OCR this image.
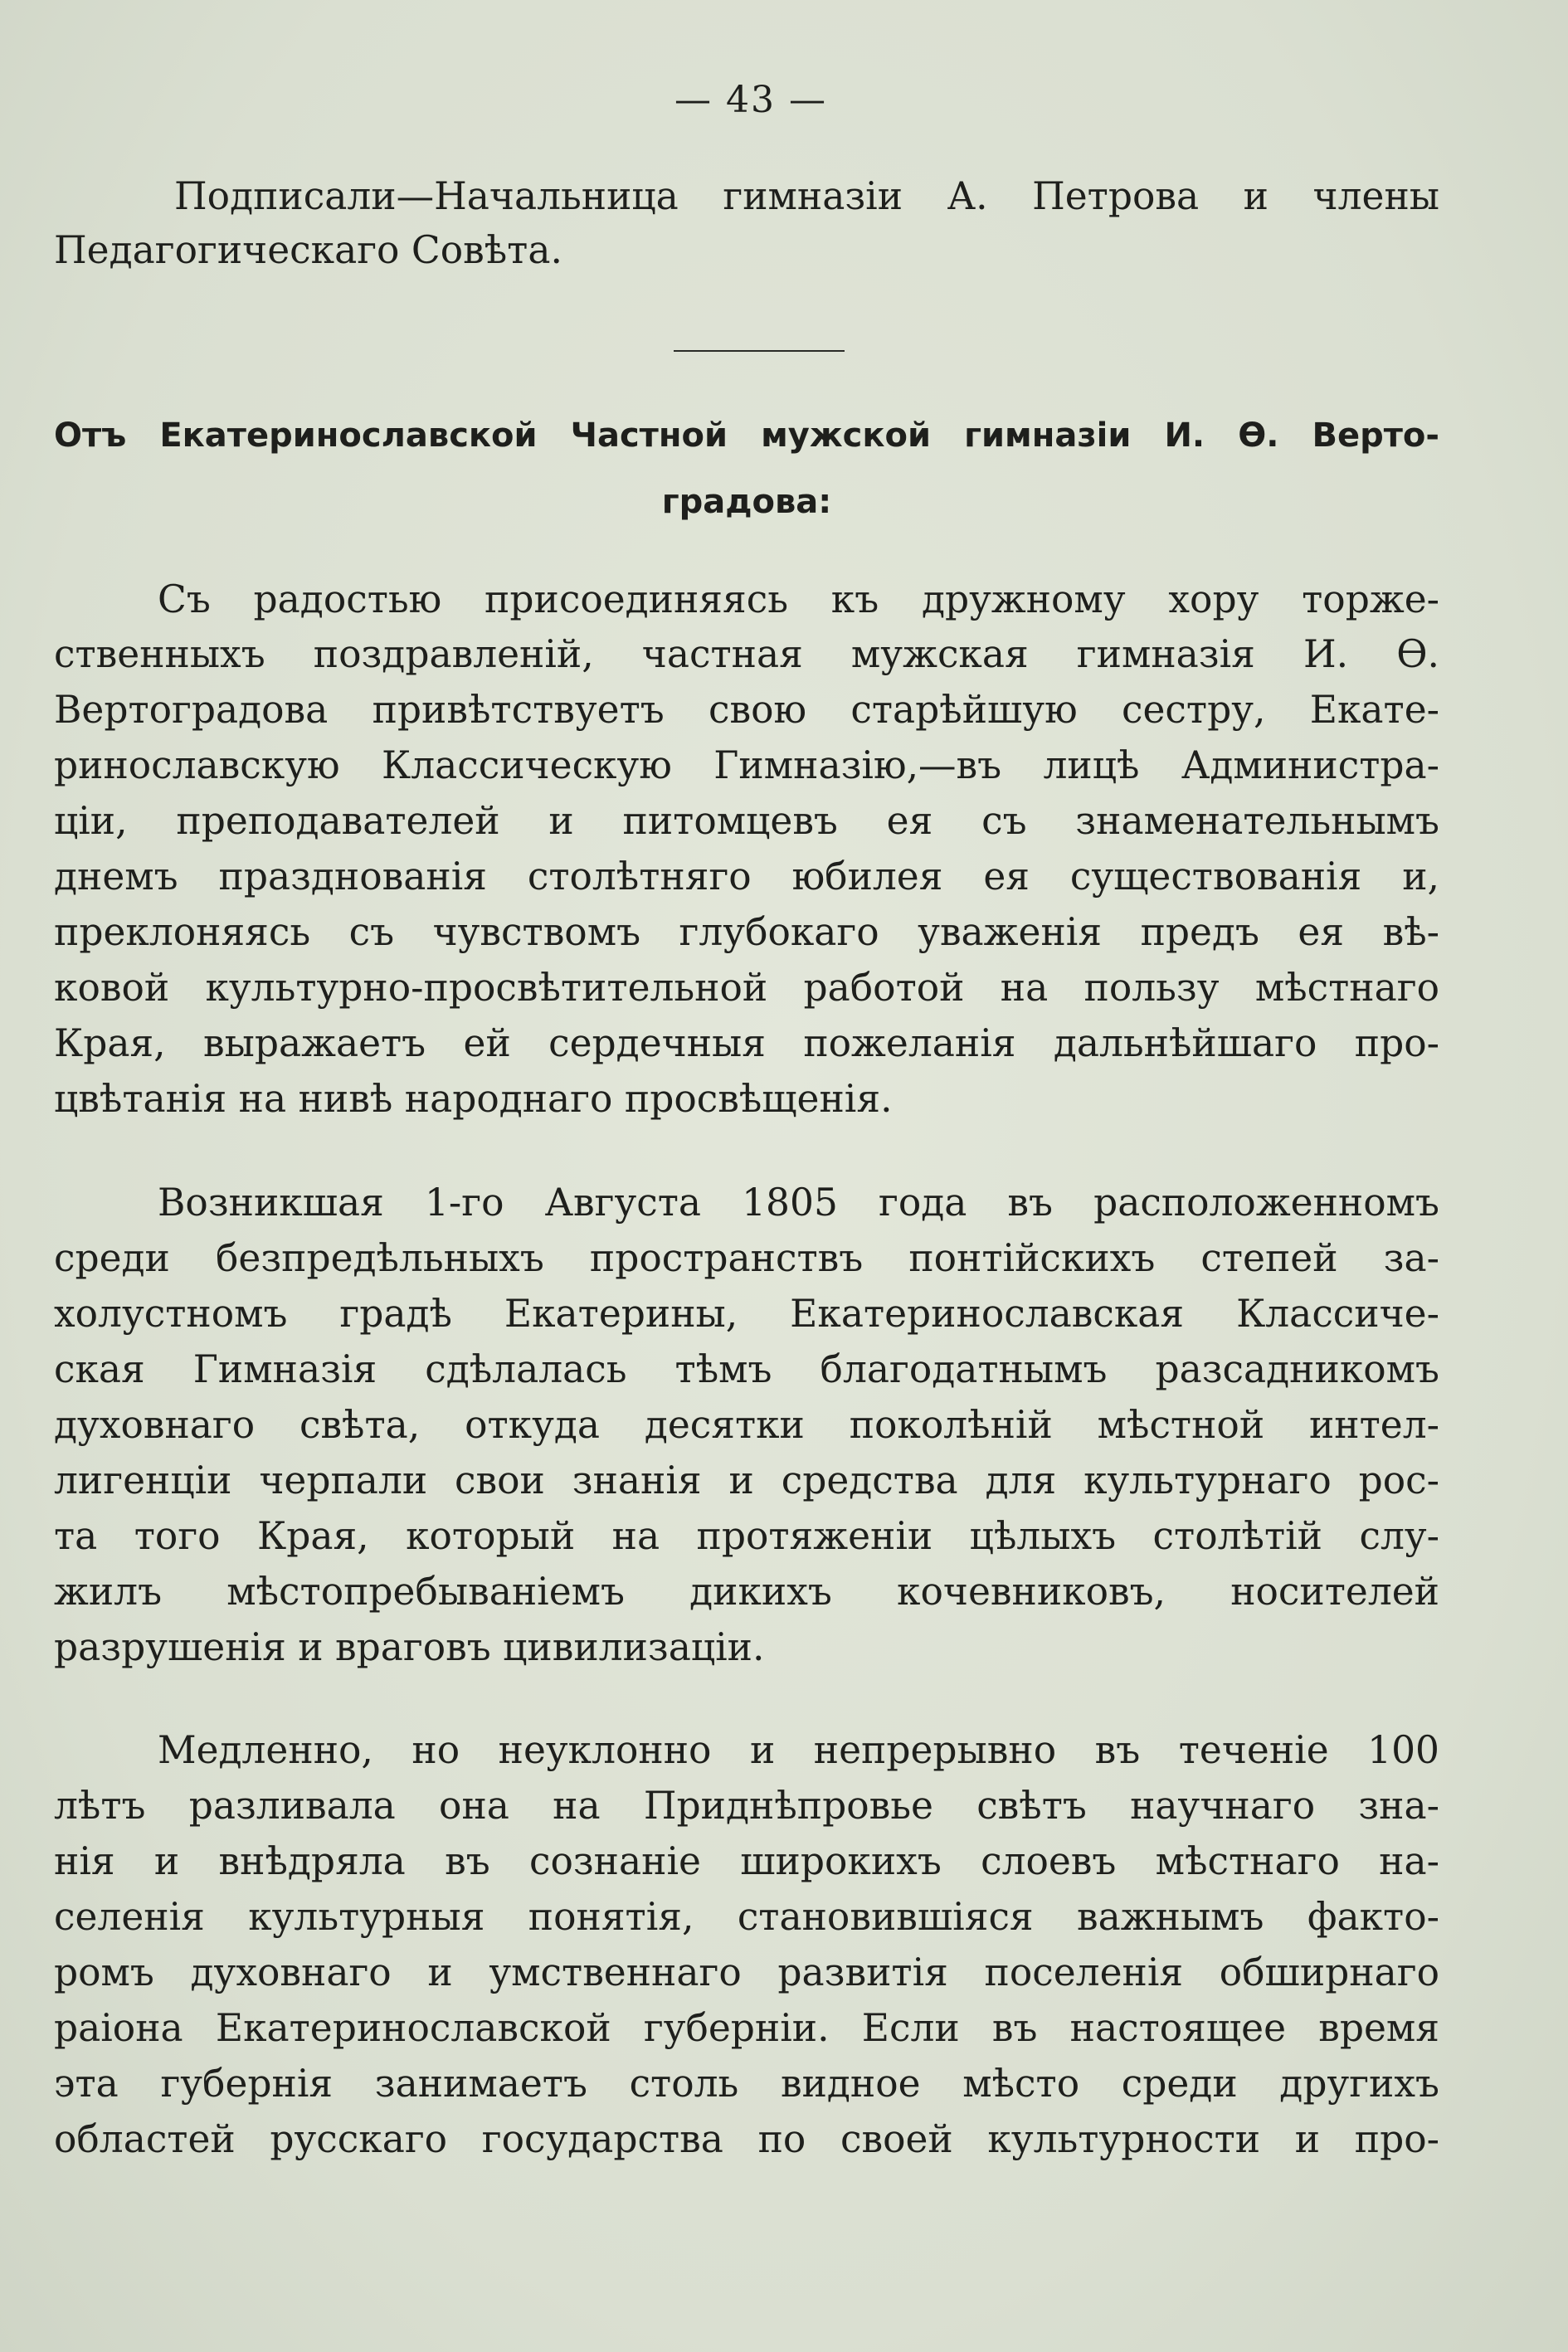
— 43 —
Подписали—Начальница гимназіи А. Петрова и члены
Педагогическаго Совѣта.
Отъ Екатеринославской Частной мужской гимназіи И. Ѳ. Верто-
градова:
Съ радостью присоединяясь къ дружному хору торже-
ственныхъ поздравленій, частная мужская гимназія И. Ѳ.
Вертоградова привѣтствуетъ свою старѣйшую сестру, Екате-
ринославскую Классическую Гимназію,—въ лицѣ Администра-
ціи, преподавателей и питомцевъ ея съ знаменательнымъ
днемъ празднованія столѣтняго юбилея ея существованія и,
преклоняясь съ чувствомъ глубокаго уваженія предъ ея вѣ-
ковой культурно-просвѣтительной работой на пользу мѣстнаго
Края, выражаетъ ей сердечныя пожеланія дальнѣйшаго про-
цвѣтанія на нивѣ народнаго просвѣщенія.
Возникшая 1-го Августа 1805 года въ расположенномъ
среди безпредѣльныхъ пространствъ понтійскихъ степей за-
холустномъ градѣ Екатерины, Екатеринославская Классиче-
ская Гимназія сдѣлалась тѣмъ благодатнымъ разсадникомъ
духовнаго свѣта, откуда десятки поколѣній мѣстной интел-
лигенціи черпали свои знанія и средства для культурнаго рос-
та того Края, который на протяженіи цѣлыхъ столѣтій слу-
жилъ мѣстопребываніемъ дикихъ кочевниковъ, носителей
разрушенія и враговъ цивилизаціи.
Медленно, но неуклонно и непрерывно въ теченіе 100
лѣтъ разливала она на Приднѣпровье свѣтъ научнаго зна-
нія и внѣдряла въ сознаніе широкихъ слоевъ мѣстнаго на-
селенія культурныя понятія, становившіяся важнымъ факто-
ромъ духовнаго и умственнаго развитія поселенія обширнаго
раіона Екатеринославской губерніи. Если въ настоящее время
эта губернія занимаетъ столь видное мѣсто среди другихъ
областей русскаго государства по своей культурности и про-
